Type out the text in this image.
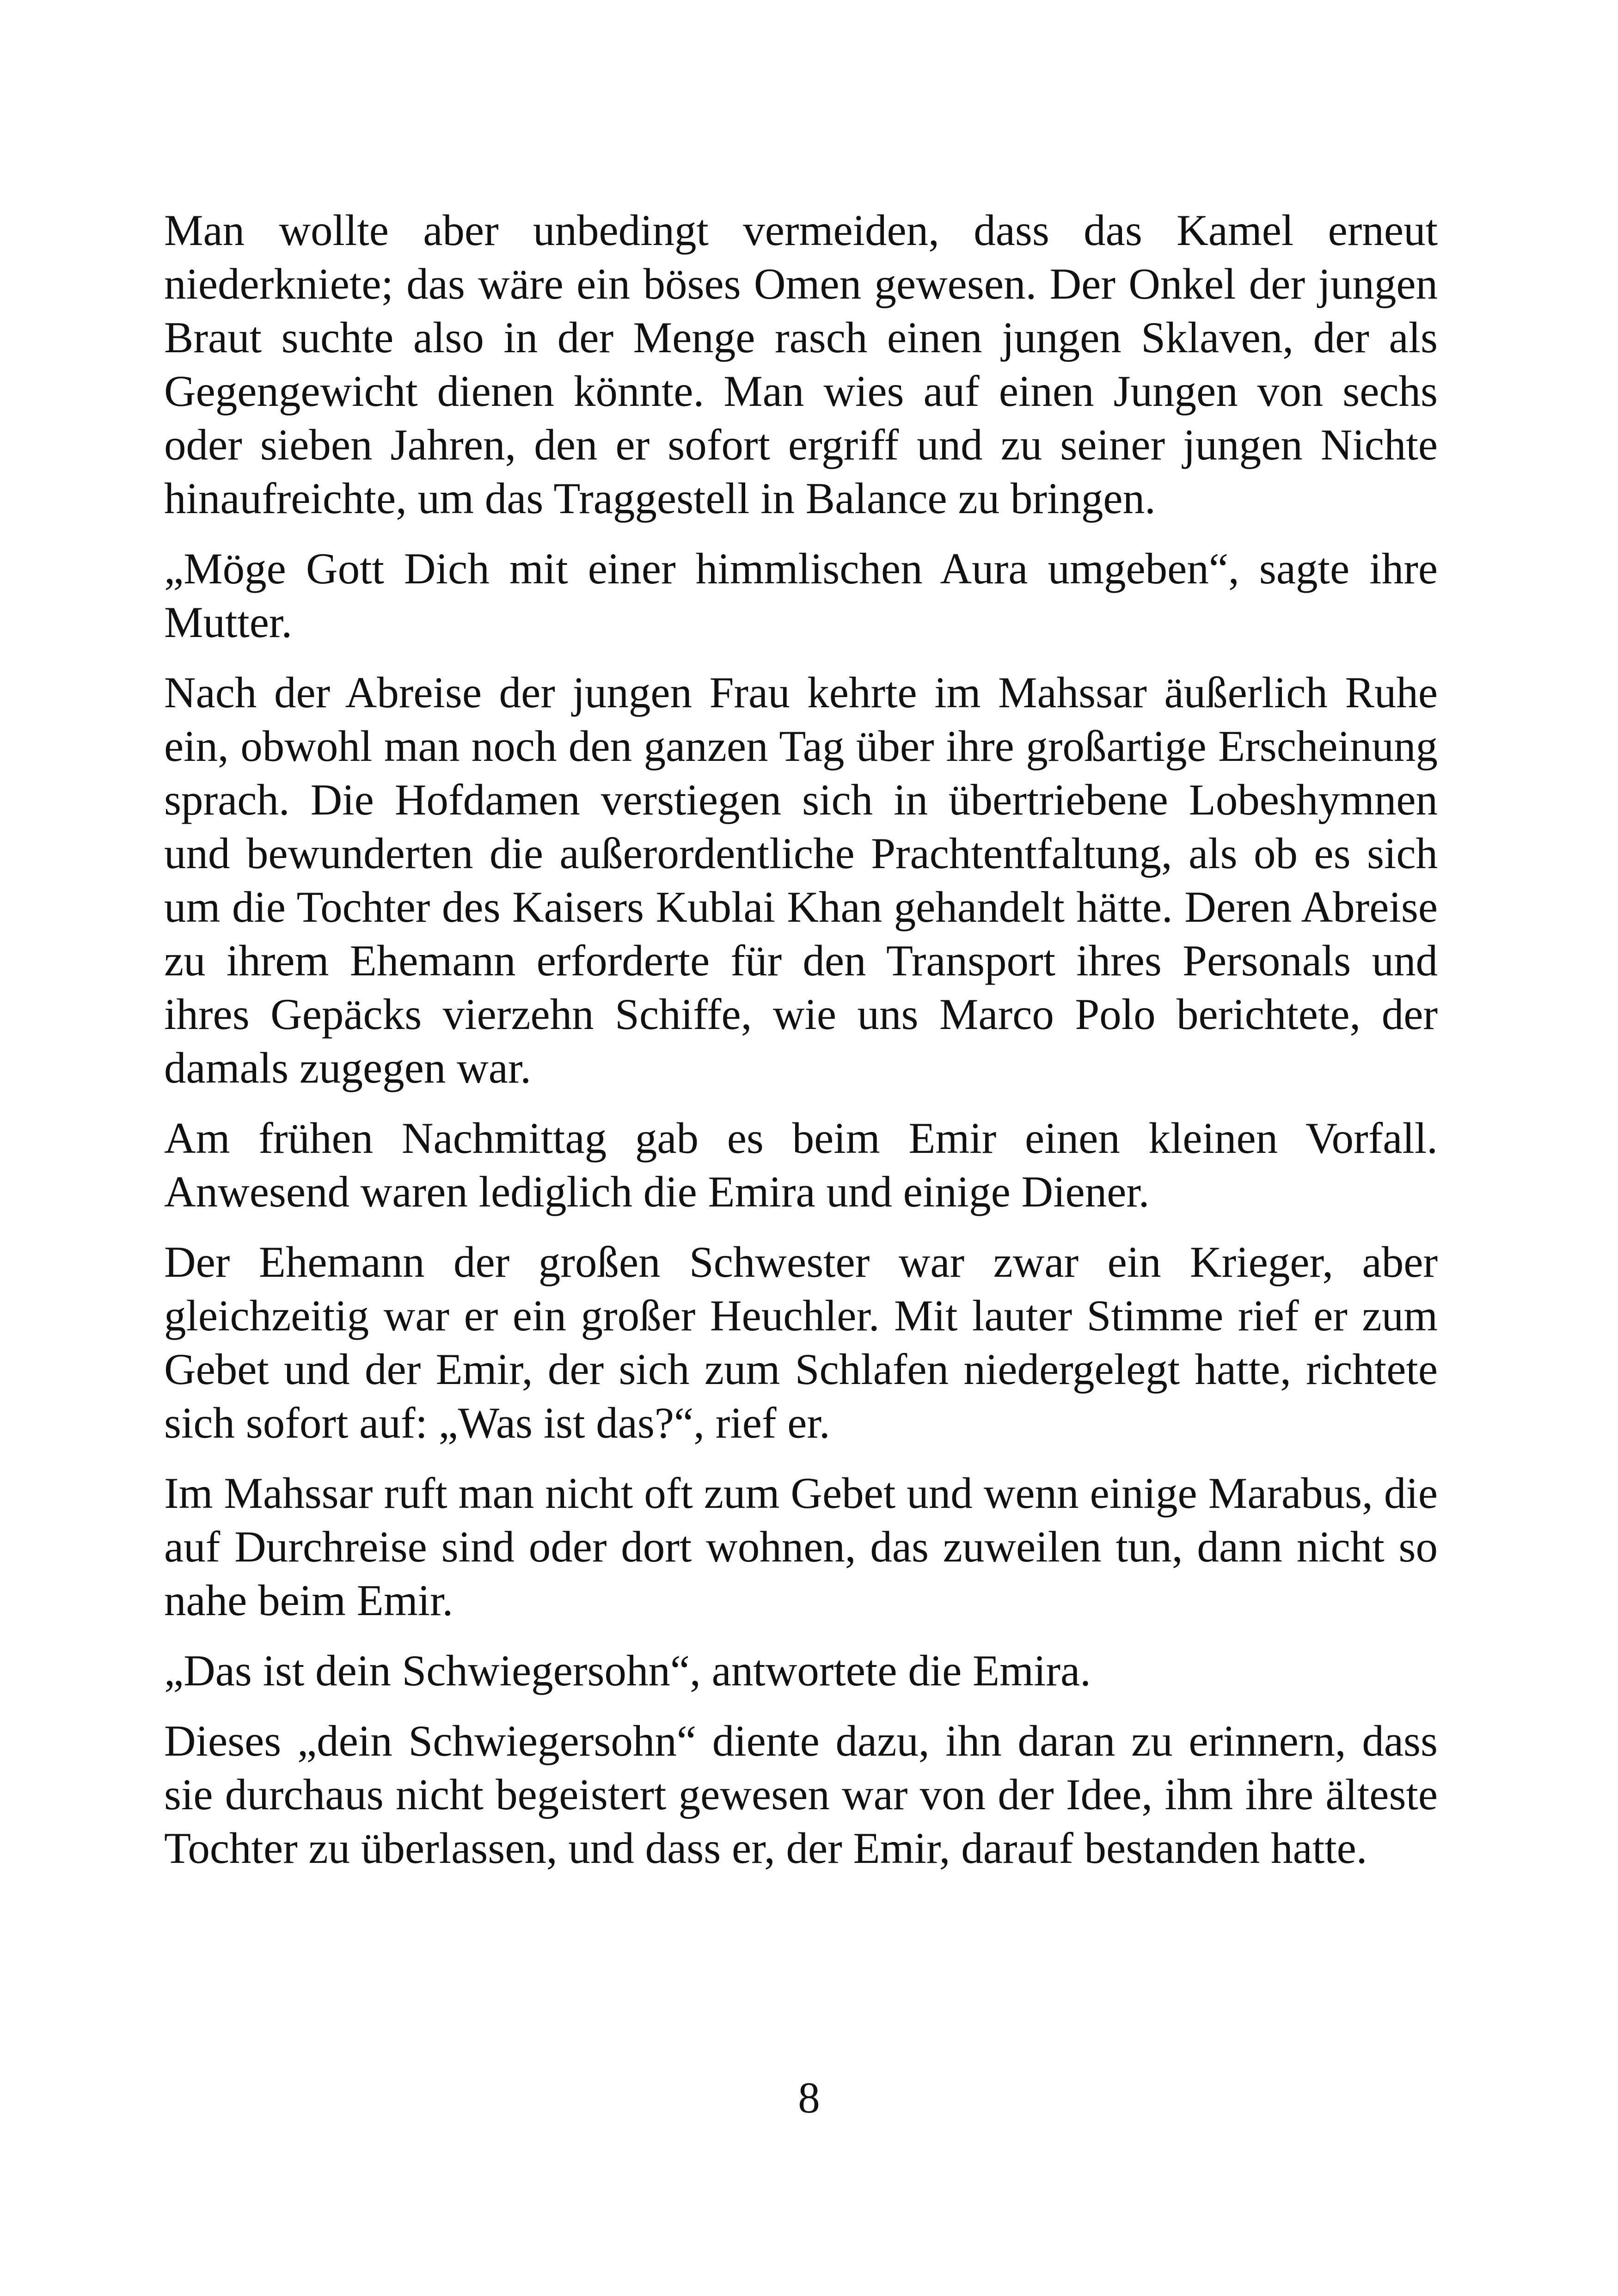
Man wollte aber unbedingt vermeiden, dass das Kamel erneut niederkniete; das wäre ein böses Omen gewesen. Der Onkel der jungen Braut suchte also in der Menge rasch einen jungen Sklaven, der als Gegengewicht dienen könnte. Man wies auf einen Jungen von sechs oder sieben Jahren, den er sofort ergriff und zu seiner jungen Nichte hinaufreichte, um das Traggestell in Balance zu bringen.

„Möge Gott Dich mit einer himmlischen Aura umgeben“, sagte ihre Mutter.

Nach der Abreise der jungen Frau kehrte im Mahssar äußerlich Ruhe ein, obwohl man noch den ganzen Tag über ihre großartige Erscheinung sprach. Die Hofdamen verstiegen sich in übertriebene Lobeshymnen und bewunderten die außerordentliche Prachtentfaltung, als ob es sich um die Tochter des Kaisers Kublai Khan gehandelt hätte. Deren Abreise zu ihrem Ehemann erforderte für den Transport ihres Personals und ihres Gepäcks vierzehn Schiffe, wie uns Marco Polo berichtete, der damals zugegen war.

Am frühen Nachmittag gab es beim Emir einen kleinen Vorfall. Anwesend waren lediglich die Emira und einige Diener.

Der Ehemann der großen Schwester war zwar ein Krieger, aber gleichzeitig war er ein großer Heuchler. Mit lauter Stimme rief er zum Gebet und der Emir, der sich zum Schlafen niedergelegt hatte, richtete sich sofort auf: „Was ist das?“, rief er.

Im Mahssar ruft man nicht oft zum Gebet und wenn einige Marabus, die auf Durchreise sind oder dort wohnen, das zuweilen tun, dann nicht so nahe beim Emir.

„Das ist dein Schwiegersohn“, antwortete die Emira.

Dieses „dein Schwiegersohn“ diente dazu, ihn daran zu erinnern, dass sie durchaus nicht begeistert gewesen war von der Idee, ihm ihre älteste Tochter zu überlassen, und dass er, der Emir, darauf bestanden hatte.

8
